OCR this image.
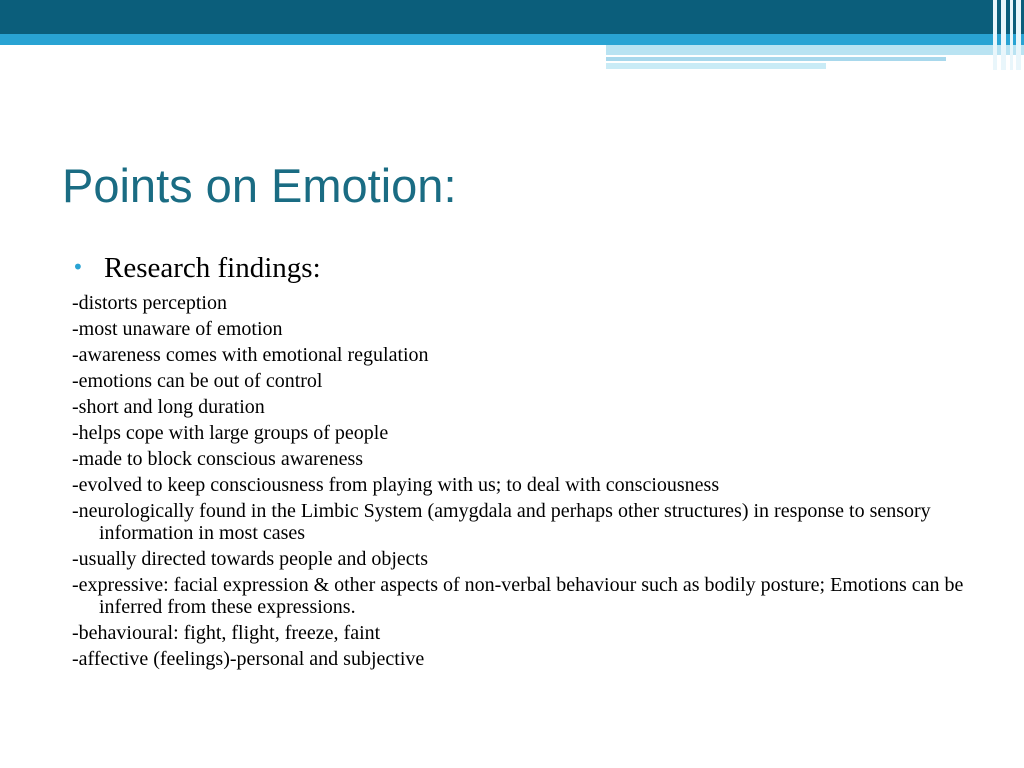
Points on Emotion:
• Research findings:
-distorts perception
-most unaware of emotion
-awareness comes with emotional regulation
-emotions can be out of control
-short and long duration
-helps cope with large groups of people
-made to block conscious awareness
-evolved to keep consciousness from playing with us; to deal with consciousness
-neurologically found in the Limbic System (amygdala and perhaps other structures) in response to sensory information in most cases
-usually directed towards people and objects
-expressive: facial expression & other aspects of non-verbal behaviour such as bodily posture; Emotions can be inferred from these expressions.
-behavioural: fight, flight, freeze, faint
-affective (feelings)-personal and subjective
